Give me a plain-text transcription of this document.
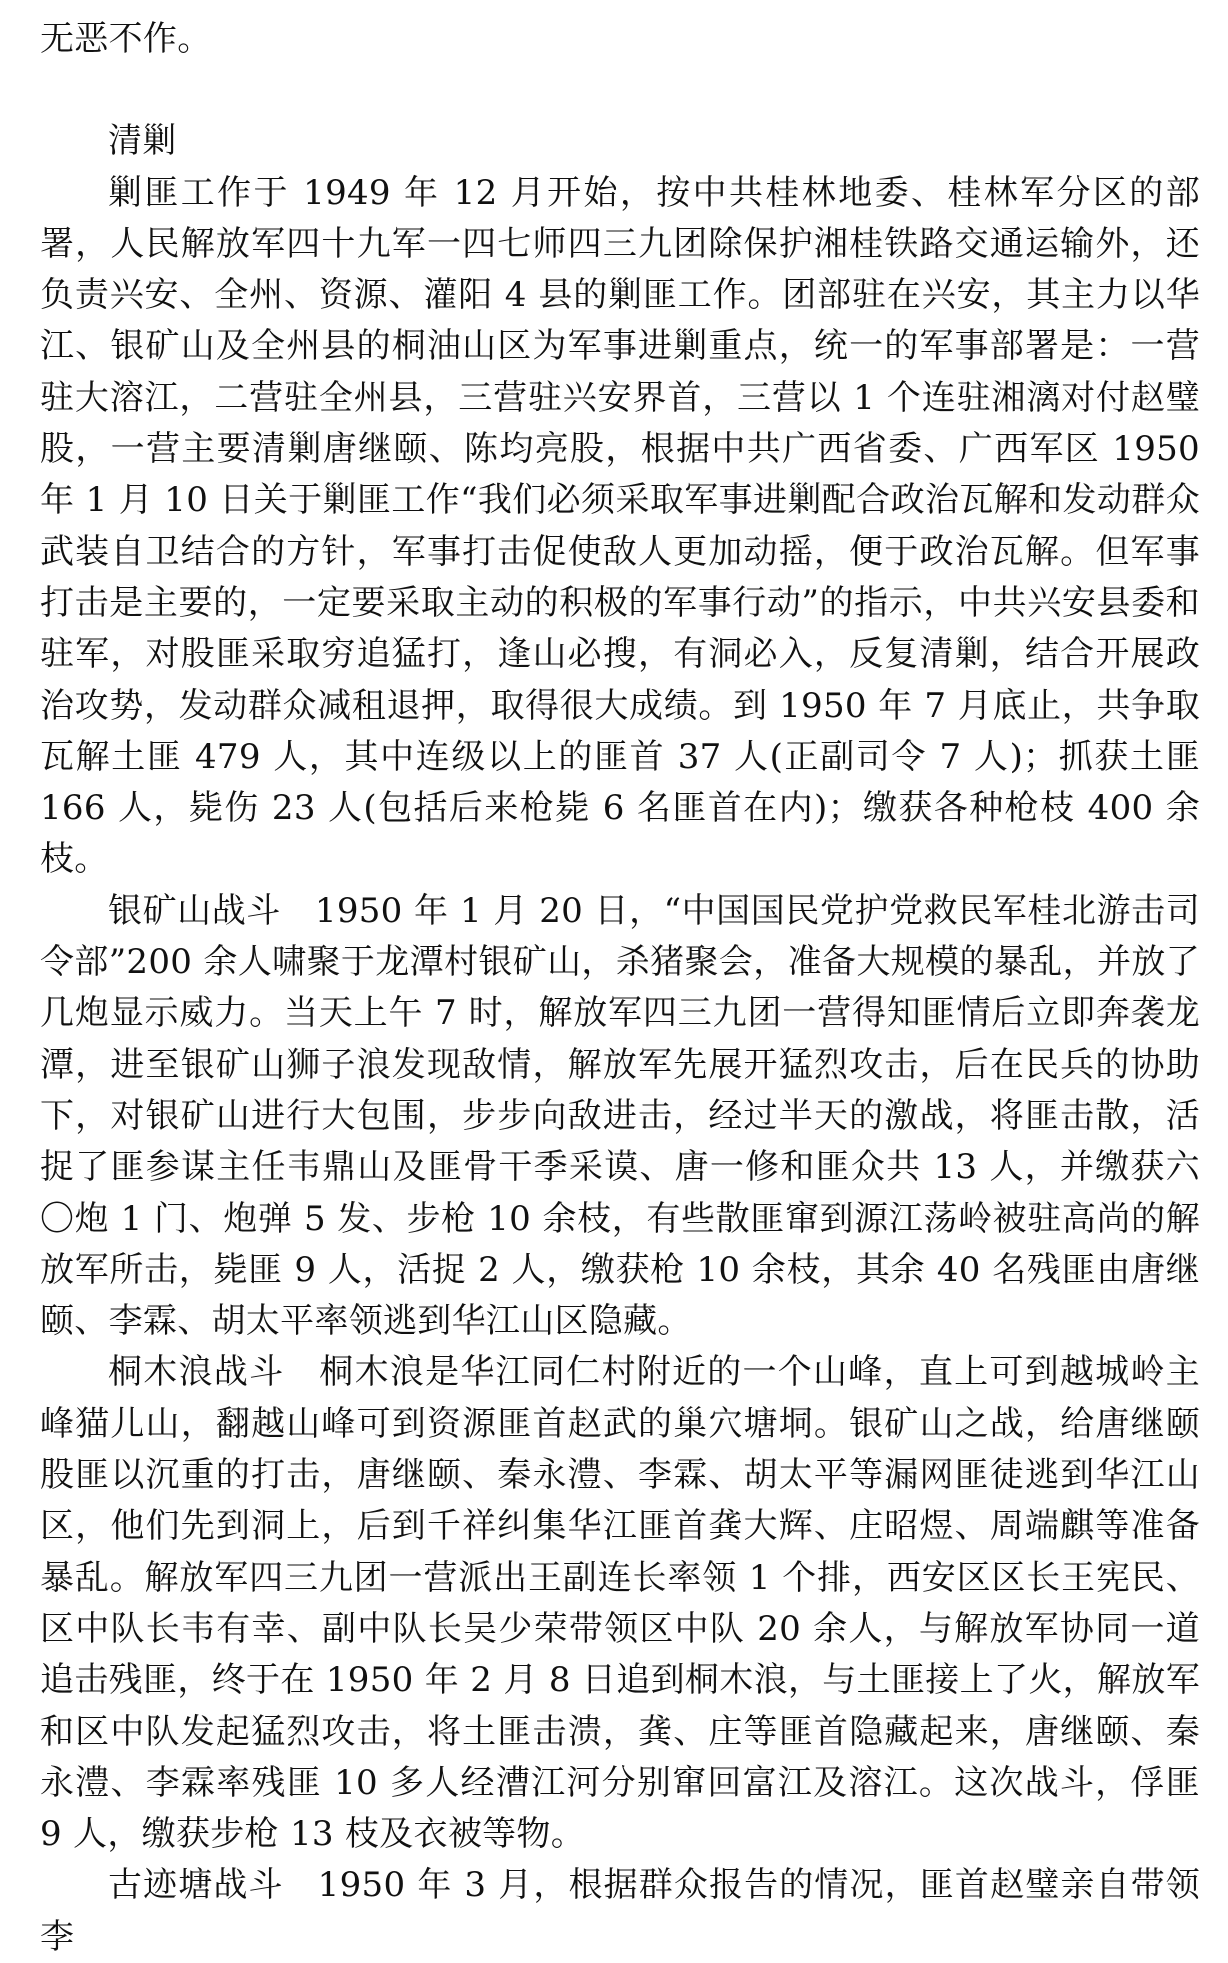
无恶不作。

清剿

剿匪工作于 1949 年 12 月开始，按中共桂林地委、桂林军分区的部署，人民解放军四十九军一四七师四三九团除保护湘桂铁路交通运输外，还负责兴安、全州、资源、灌阳 4 县的剿匪工作。团部驻在兴安，其主力以华江、银矿山及全州县的桐油山区为军事进剿重点，统一的军事部署是：一营驻大溶江，二营驻全州县，三营驻兴安界首，三营以 1 个连驻湘漓对付赵璧股，一营主要清剿唐继颐、陈均亮股，根据中共广西省委、广西军区 1950 年 1 月 10 日关于剿匪工作“我们必须采取军事进剿配合政治瓦解和发动群众武装自卫结合的方针，军事打击促使敌人更加动摇，便于政治瓦解。但军事打击是主要的，一定要采取主动的积极的军事行动”的指示，中共兴安县委和驻军，对股匪采取穷追猛打，逢山必搜，有洞必入，反复清剿，结合开展政治攻势，发动群众减租退押，取得很大成绩。到 1950 年 7 月底止，共争取瓦解土匪 479 人，其中连级以上的匪首 37 人(正副司令 7 人)；抓获土匪 166 人，毙伤 23 人(包括后来枪毙 6 名匪首在内)；缴获各种枪枝 400 余枝。

银矿山战斗 1950 年 1 月 20 日，“中国国民党护党救民军桂北游击司令部”200 余人啸聚于龙潭村银矿山，杀猪聚会，准备大规模的暴乱，并放了几炮显示威力。当天上午 7 时，解放军四三九团一营得知匪情后立即奔袭龙潭，进至银矿山狮子浪发现敌情，解放军先展开猛烈攻击，后在民兵的协助下，对银矿山进行大包围，步步向敌进击，经过半天的激战，将匪击散，活捉了匪参谋主任韦鼎山及匪骨干季采谟、唐一修和匪众共 13 人，并缴获六〇炮 1 门、炮弹 5 发、步枪 10 余枝，有些散匪窜到源江荡岭被驻高尚的解放军所击，毙匪 9 人，活捉 2 人，缴获枪 10 余枝，其余 40 名残匪由唐继颐、李霖、胡太平率领逃到华江山区隐藏。

桐木浪战斗 桐木浪是华江同仁村附近的一个山峰，直上可到越城岭主峰猫儿山，翻越山峰可到资源匪首赵武的巢穴塘垌。银矿山之战，给唐继颐股匪以沉重的打击，唐继颐、秦永澧、李霖、胡太平等漏网匪徒逃到华江山区，他们先到洞上，后到千祥纠集华江匪首龚大辉、庄昭煜、周端麒等准备暴乱。解放军四三九团一营派出王副连长率领 1 个排，西安区区长王宪民、区中队长韦有幸、副中队长吴少荣带领区中队 20 余人，与解放军协同一道追击残匪，终于在 1950 年 2 月 8 日追到桐木浪，与土匪接上了火，解放军和区中队发起猛烈攻击，将土匪击溃，龚、庄等匪首隐藏起来，唐继颐、秦永澧、李霖率残匪 10 多人经漕江河分别窜回富江及溶江。这次战斗，俘匪 9 人，缴获步枪 13 枝及衣被等物。

古迹塘战斗 1950 年 3 月，根据群众报告的情况，匪首赵璧亲自带领李
